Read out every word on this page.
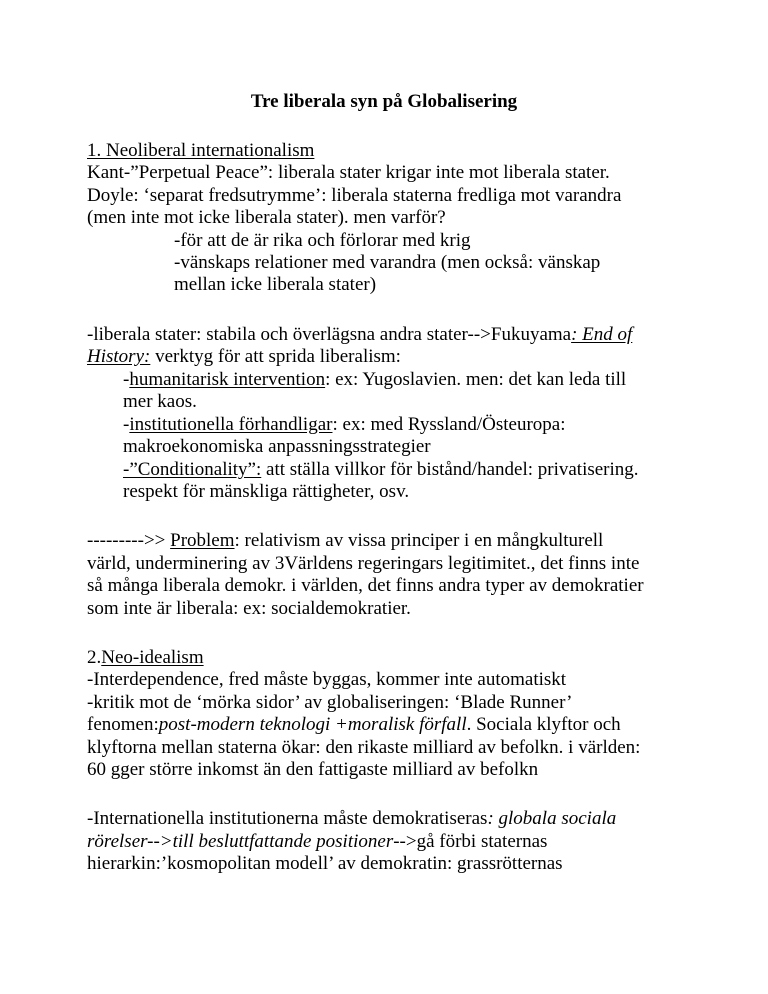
Tre liberala syn på Globalisering
1. Neoliberal internationalism
Kant-”Perpetual Peace”: liberala stater krigar inte mot liberala stater.
Doyle: ‘separat fredsutrymme’: liberala staterna fredliga mot varandra
(men inte mot icke liberala stater). men varför?
-för att de är rika och förlorar med krig
-vänskaps relationer med varandra (men också: vänskap
mellan icke liberala stater)
-liberala stater: stabila och överlägsna andra stater-->Fukuyama: End of
History: verktyg för att sprida liberalism:
-humanitarisk intervention: ex: Yugoslavien. men: det kan leda till
mer kaos.
-institutionella förhandligar: ex: med Ryssland/Östeuropa:
makroekonomiska anpassningsstrategier
-”Conditionality”: att ställa villkor för bistånd/handel: privatisering.
respekt för mänskliga rättigheter, osv.
--------->> Problem: relativism av vissa principer i en mångkulturell
värld, underminering av 3Världens regeringars legitimitet., det finns inte
så många liberala demokr. i världen, det finns andra typer av demokratier
som inte är liberala: ex: socialdemokratier.
2.Neo-idealism
-Interdependence, fred måste byggas, kommer inte automatiskt
-kritik mot de ‘mörka sidor’ av globaliseringen: ‘Blade Runner’
fenomen:post-modern teknologi +moralisk förfall. Sociala klyftor och
klyftorna mellan staterna ökar: den rikaste milliard av befolkn. i världen:
60 gger större inkomst än den fattigaste milliard av befolkn
-Internationella institutionerna måste demokratiseras: globala sociala
rörelser-->till besluttfattande positioner-->gå förbi staternas
hierarkin:’kosmopolitan modell’ av demokratin: grassrötternas
